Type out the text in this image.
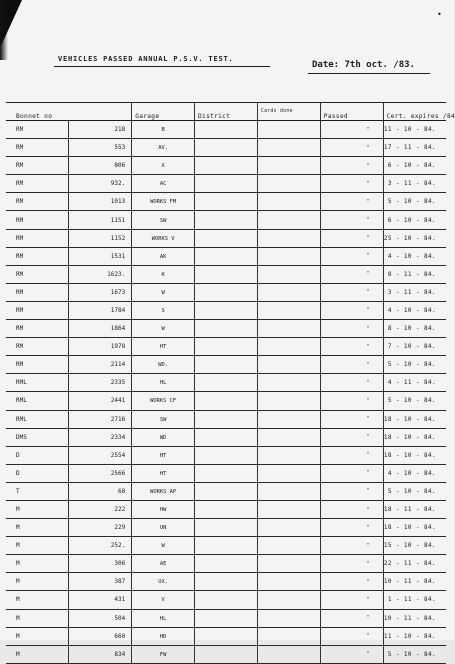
•
VEHICLES PASSED ANNUAL P.S.V. TEST.
Date: 7th oct. /83.
Bonnet no		Garage	District	Cards done	Passed	Cert. expires /84
RM	218	B			"	11 - 10 - 84.
RM	553	AV.			"	17 - 11 - 84.
RM	806	X			"	6 - 10 - 84.
RM	932.	AC			"	3 - 11 - 84.
RM	1013	WORKS FM			"	5 - 10 - 84.
RM	1151	SW			"	6 - 10 - 84.
RM	1152	WORKS V			"	25 - 10 - 84.
RM	1531	AK			"	4 - 10 - 84.
RM	1623.	K			"	8 - 11 - 84.
RM	1673	W			"	3 - 11 - 84.
RM	1784	S			"	4 - 10 - 84.
RM	1864	W			"	8 - 10 - 84.
RM	1978	HT			"	7 - 10 - 84.
RM	2114	WD.			"	5 - 10 - 84.
RML	2335	HL			"	4 - 11 - 84.
RML	2441	WORKS CF			"	5 - 10 - 84.
RML	2716	SW			"	18 - 10 - 84.
DMS	2334	WD			"	18 - 10 - 84.
D	2554	HT			"	18 - 10 - 84.
D	2566	HT			"	4 - 10 - 84.
T	68	WORKS AP			"	5 - 10 - 84.
M	222	HW			"	18 - 11 - 84.
M	229	ON			"	18 - 10 - 84.
M	252.	W			"	15 - 10 - 84.
M	306	AE			"	22 - 11 - 84.
M	387	UX.			"	10 - 11 - 84.
M	431	V			"	1 - 11 - 84.
M	504	HL			"	10 - 11 - 84.
M	660	HD			"	11 - 10 - 84.
M	834	FW			"	5 - 10 - 84.
